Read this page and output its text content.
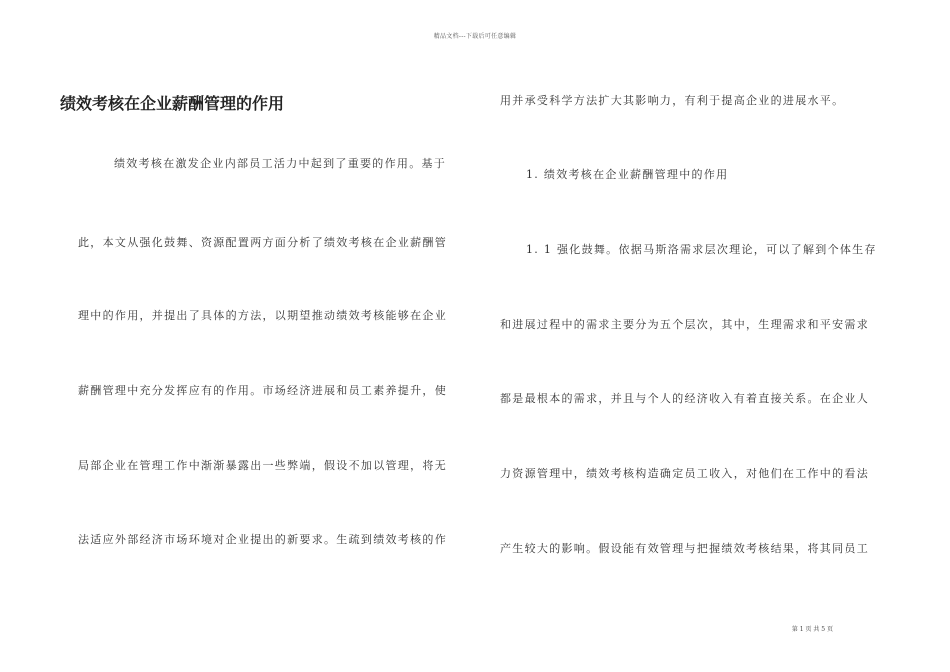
精品文档---下载后可任意编辑
绩效考核在企业薪酬管理的作用

绩效考核在激发企业内部员工活力中起到了重要的作用。基于

此，本文从强化鼓舞、资源配置两方面分析了绩效考核在企业薪酬管

理中的作用，并提出了具体的方法，以期望推动绩效考核能够在企业

薪酬管理中充分发挥应有的作用。市场经济进展和员工素养提升，使

局部企业在管理工作中渐渐暴露出一些弊端，假设不加以管理，将无

法适应外部经济市场环境对企业提出的新要求。生疏到绩效考核的作

用并承受科学方法扩大其影响力，有利于提高企业的进展水平。

1. 绩效考核在企业薪酬管理中的作用

1. 1 强化鼓舞。依据马斯洛需求层次理论，可以了解到个体生存

和进展过程中的需求主要分为五个层次，其中，生理需求和平安需求

都是最根本的需求，并且与个人的经济收入有着直接关系。在企业人

力资源管理中，绩效考核构造确定员工收入，对他们在工作中的看法

产生较大的影响。假设能有效管理与把握绩效考核结果，将其同员工

第 1 页 共 5 页
